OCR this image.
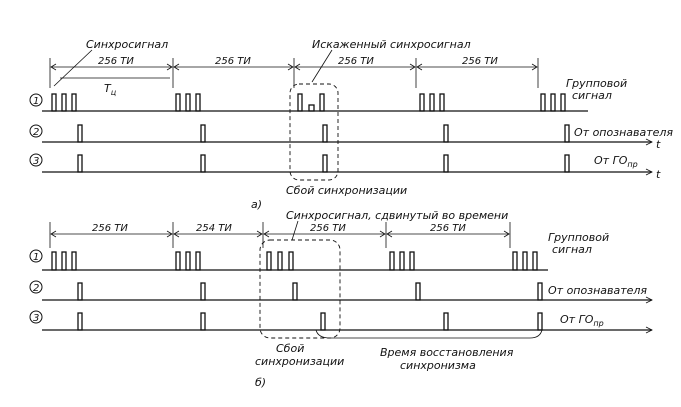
Синхросигнал	Искаженный синхросигнал
256 ТИ	256 ТИ	256 ТИ	256 ТИ
$T_ц$
1
2
3
Групповой
сигнал
От опознавателя
От $ГО_{пр}$
t
t
Сбой синхронизации
а)
Синхросигнал, сдвинутый во времени
256 ТИ	254 ТИ	256 ТИ	256 ТИ
1
2
3
Групповой
сигнал
От опознавателя
От $ГО_{пр}$
Сбой
синхронизации
Время восстановления
синхронизма
б)
